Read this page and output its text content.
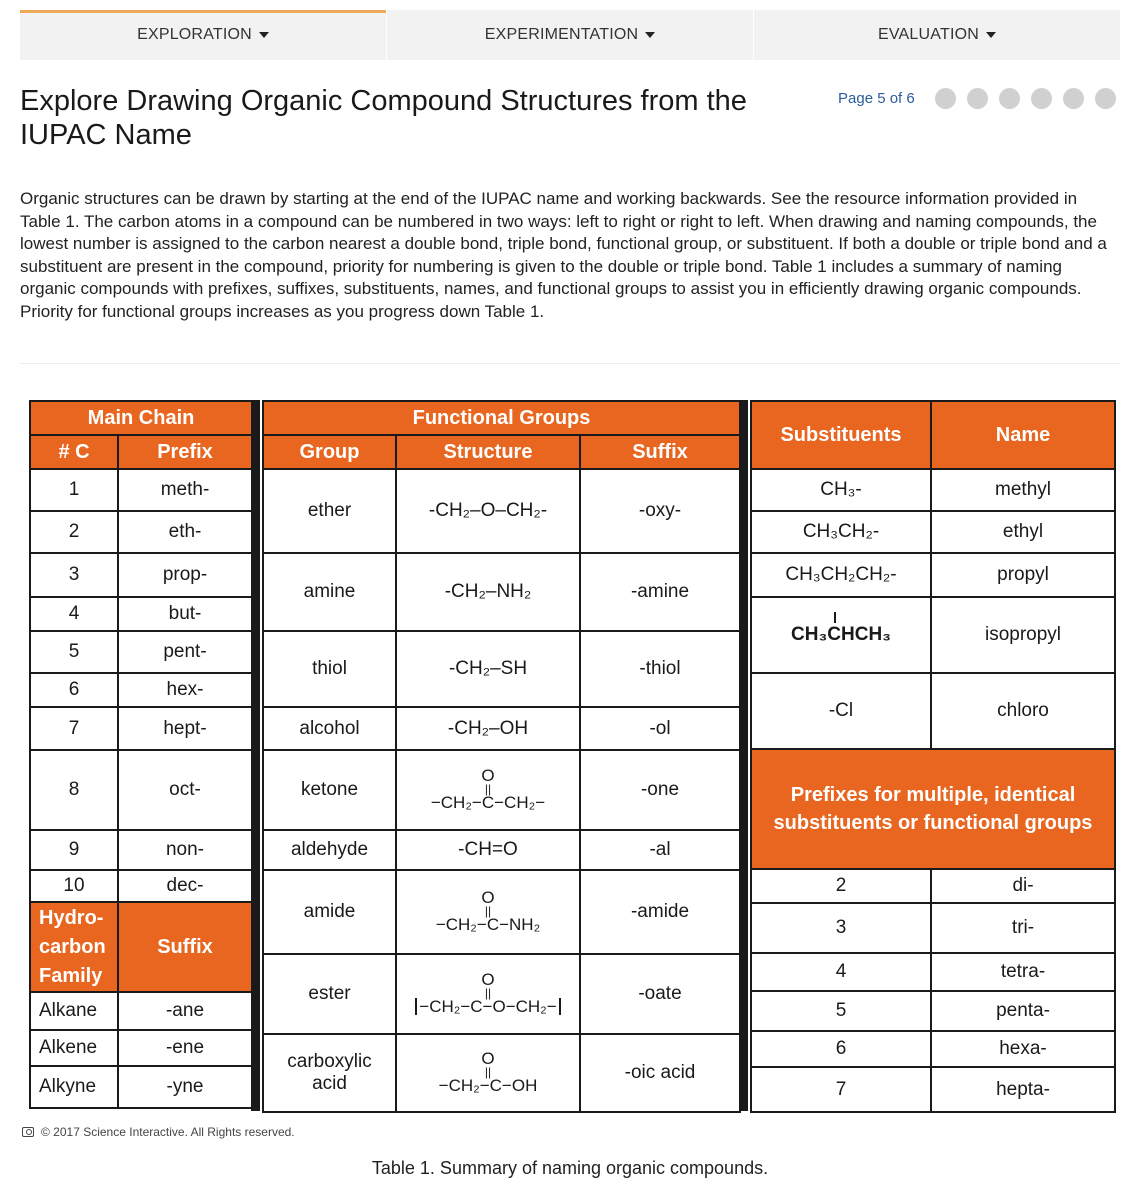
EXPLORATION	EXPERIMENTATION	EVALUATION
Explore Drawing Organic Compound Structures from the IUPAC Name
Page 5 of 6

Organic structures can be drawn by starting at the end of the IUPAC name and working backwards. See the resource information provided in Table 1. The carbon atoms in a compound can be numbered in two ways: left to right or right to left. When drawing and naming compounds, the lowest number is assigned to the carbon nearest a double bond, triple bond, functional group, or substituent. If both a double or triple bond and a substituent are present in the compound, priority for numbering is given to the double or triple bond. Table 1 includes a summary of naming organic compounds with prefixes, suffixes, substituents, names, and functional groups to assist you in efficiently drawing organic compounds. Priority for functional groups increases as you progress down Table 1.

Main Chain	
# C	Prefix
1	meth-
2	eth-
3	prop-
4	but-
5	pent-
6	hex-
7	hept-
8	oct-
9	non-
10	dec-
Hydro-
carbon
Family	Suffix
Alkane	-ane
Alkene	-ene
Alkyne	-yne
Functional Groups		
Group	Structure	Suffix
ether	-CH₂–O–CH₂-	-oxy-
amine	-CH₂–NH₂	-amine
thiol	-CH₂–SH	-thiol
alcohol	-CH₂–OH	-ol
ketone	O
||
−CH₂−C−CH₂−	-one
aldehyde	-CH=O	-al
amide	O
||
−CH₂−C−NH₂	-amide
ester	O
||
−CH₂−C−O−CH₂−	-oate
carboxylic
acid	O
||
−CH₂−C−OH	-oic acid
Substituents	Name
CH₃-	methyl
CH₃CH₂-	ethyl
CH₃CH₂CH₂-	propyl

CH₃CHCH₃	isopropyl
-Cl	chloro
Prefixes for multiple, identical substituents or functional groups	
2	di-
3	tri-
4	tetra-
5	penta-
6	hexa-
7	hepta-
© 2017 Science Interactive. All Rights reserved.
Table 1. Summary of naming organic compounds.
